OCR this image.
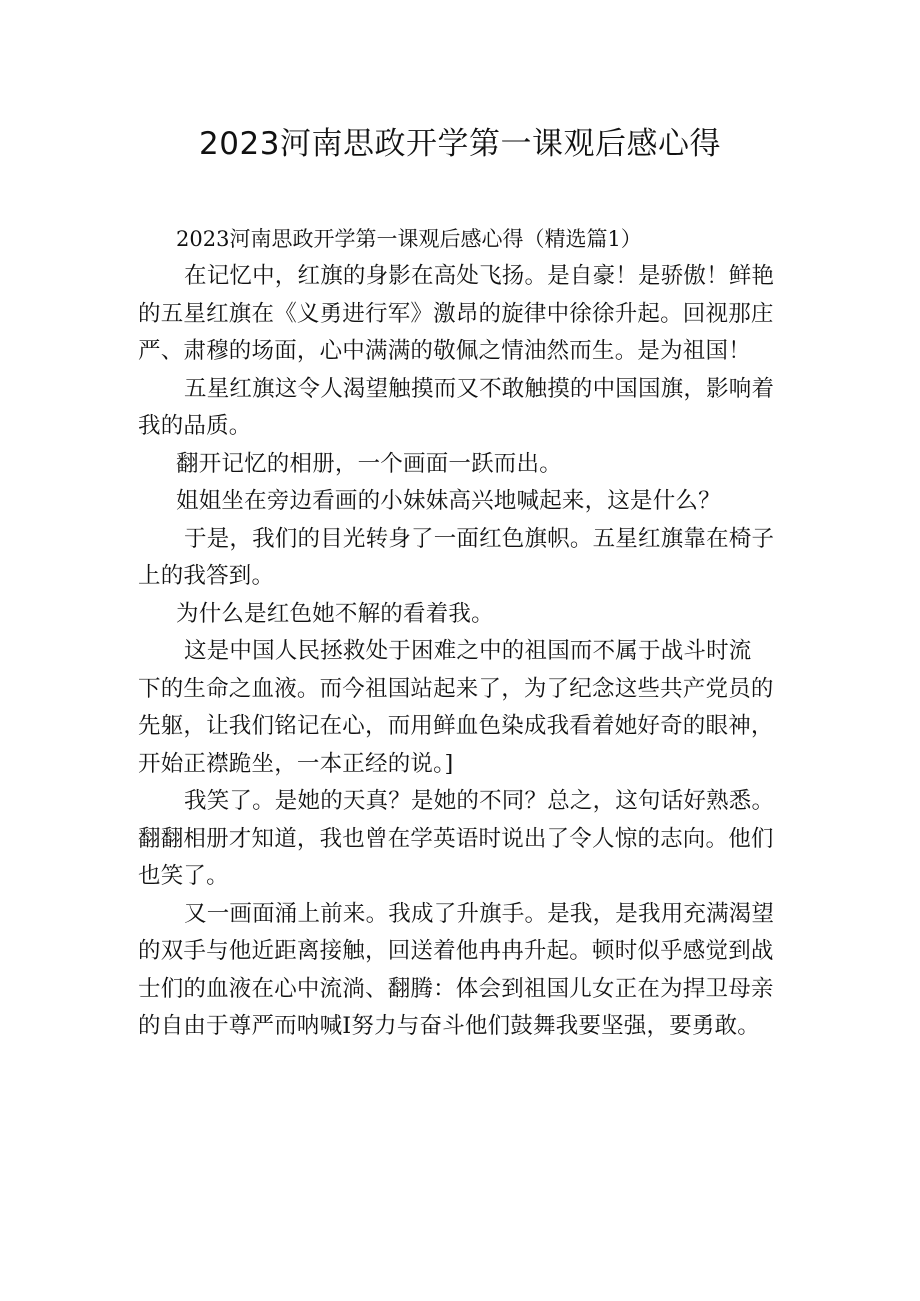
2023河南思政开学第一课观后感心得

2023河南思政开学第一课观后感心得（精选篇1）

在记忆中，红旗的身影在高处飞扬。是自豪！是骄傲！鲜艳
的五星红旗在《义勇进行军》激昂的旋律中徐徐升起。回视那庄
严、肃穆的场面，心中满满的敬佩之情油然而生。是为祖国！

五星红旗这令人渴望触摸而又不敢触摸的中国国旗，影响着
我的品质。

翻开记忆的相册，一个画面一跃而出。

姐姐坐在旁边看画的小妹妹高兴地喊起来，这是什么？

于是，我们的目光转身了一面红色旗帜。五星红旗靠在椅子
上的我答到。

为什么是红色她不解的看着我。

这是中国人民拯救处于困难之中的祖国而不属于战斗时流
下的生命之血液。而今祖国站起来了，为了纪念这些共产党员的
先躯，让我们铭记在心，而用鲜血色染成我看着她好奇的眼神，
开始正襟跪坐，一本正经的说。]

我笑了。是她的天真？是她的不同？总之，这句话好熟悉。
翻翻相册才知道，我也曾在学英语时说出了令人惊的志向。他们
也笑了。

又一画面涌上前来。我成了升旗手。是我，是我用充满渴望
的双手与他近距离接触，回送着他冉冉升起。顿时似乎感觉到战
士们的血液在心中流淌、翻腾：体会到祖国儿女正在为捍卫母亲
的自由于尊严而呐喊I努力与奋斗他们鼓舞我要坚强，要勇敢。
